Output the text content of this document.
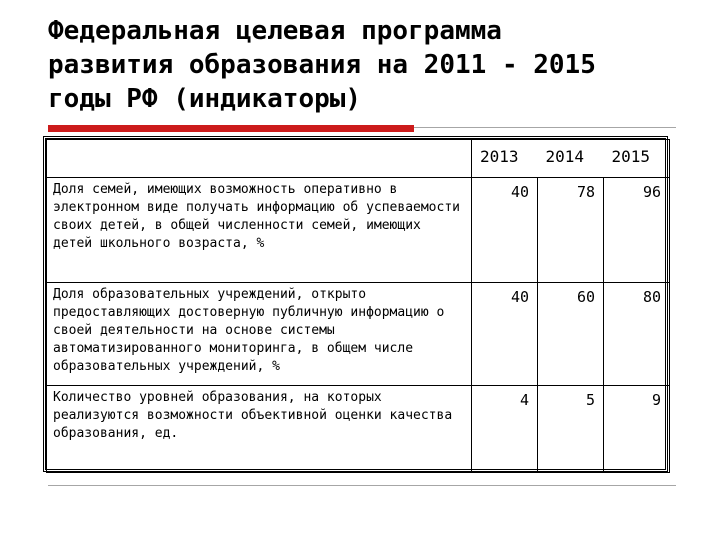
Федеральная целевая программа
развития образования на 2011 - 2015
годы РФ (индикаторы)
	2013	2014	2015
Доля семей, имеющих возможность оперативно в электронном виде получать информацию об успеваемости своих детей, в общей численности семей, имеющих детей школьного возраста, %	40	78	96
Доля образовательных учреждений, открыто предоставляющих достоверную публичную информацию о своей деятельности на основе системы автоматизированного мониторинга, в общем числе образовательных учреждений, %	40	60	80
Количество уровней образования, на которых реализуются возможности объективной оценки качества образования, ед.	4	5	9
